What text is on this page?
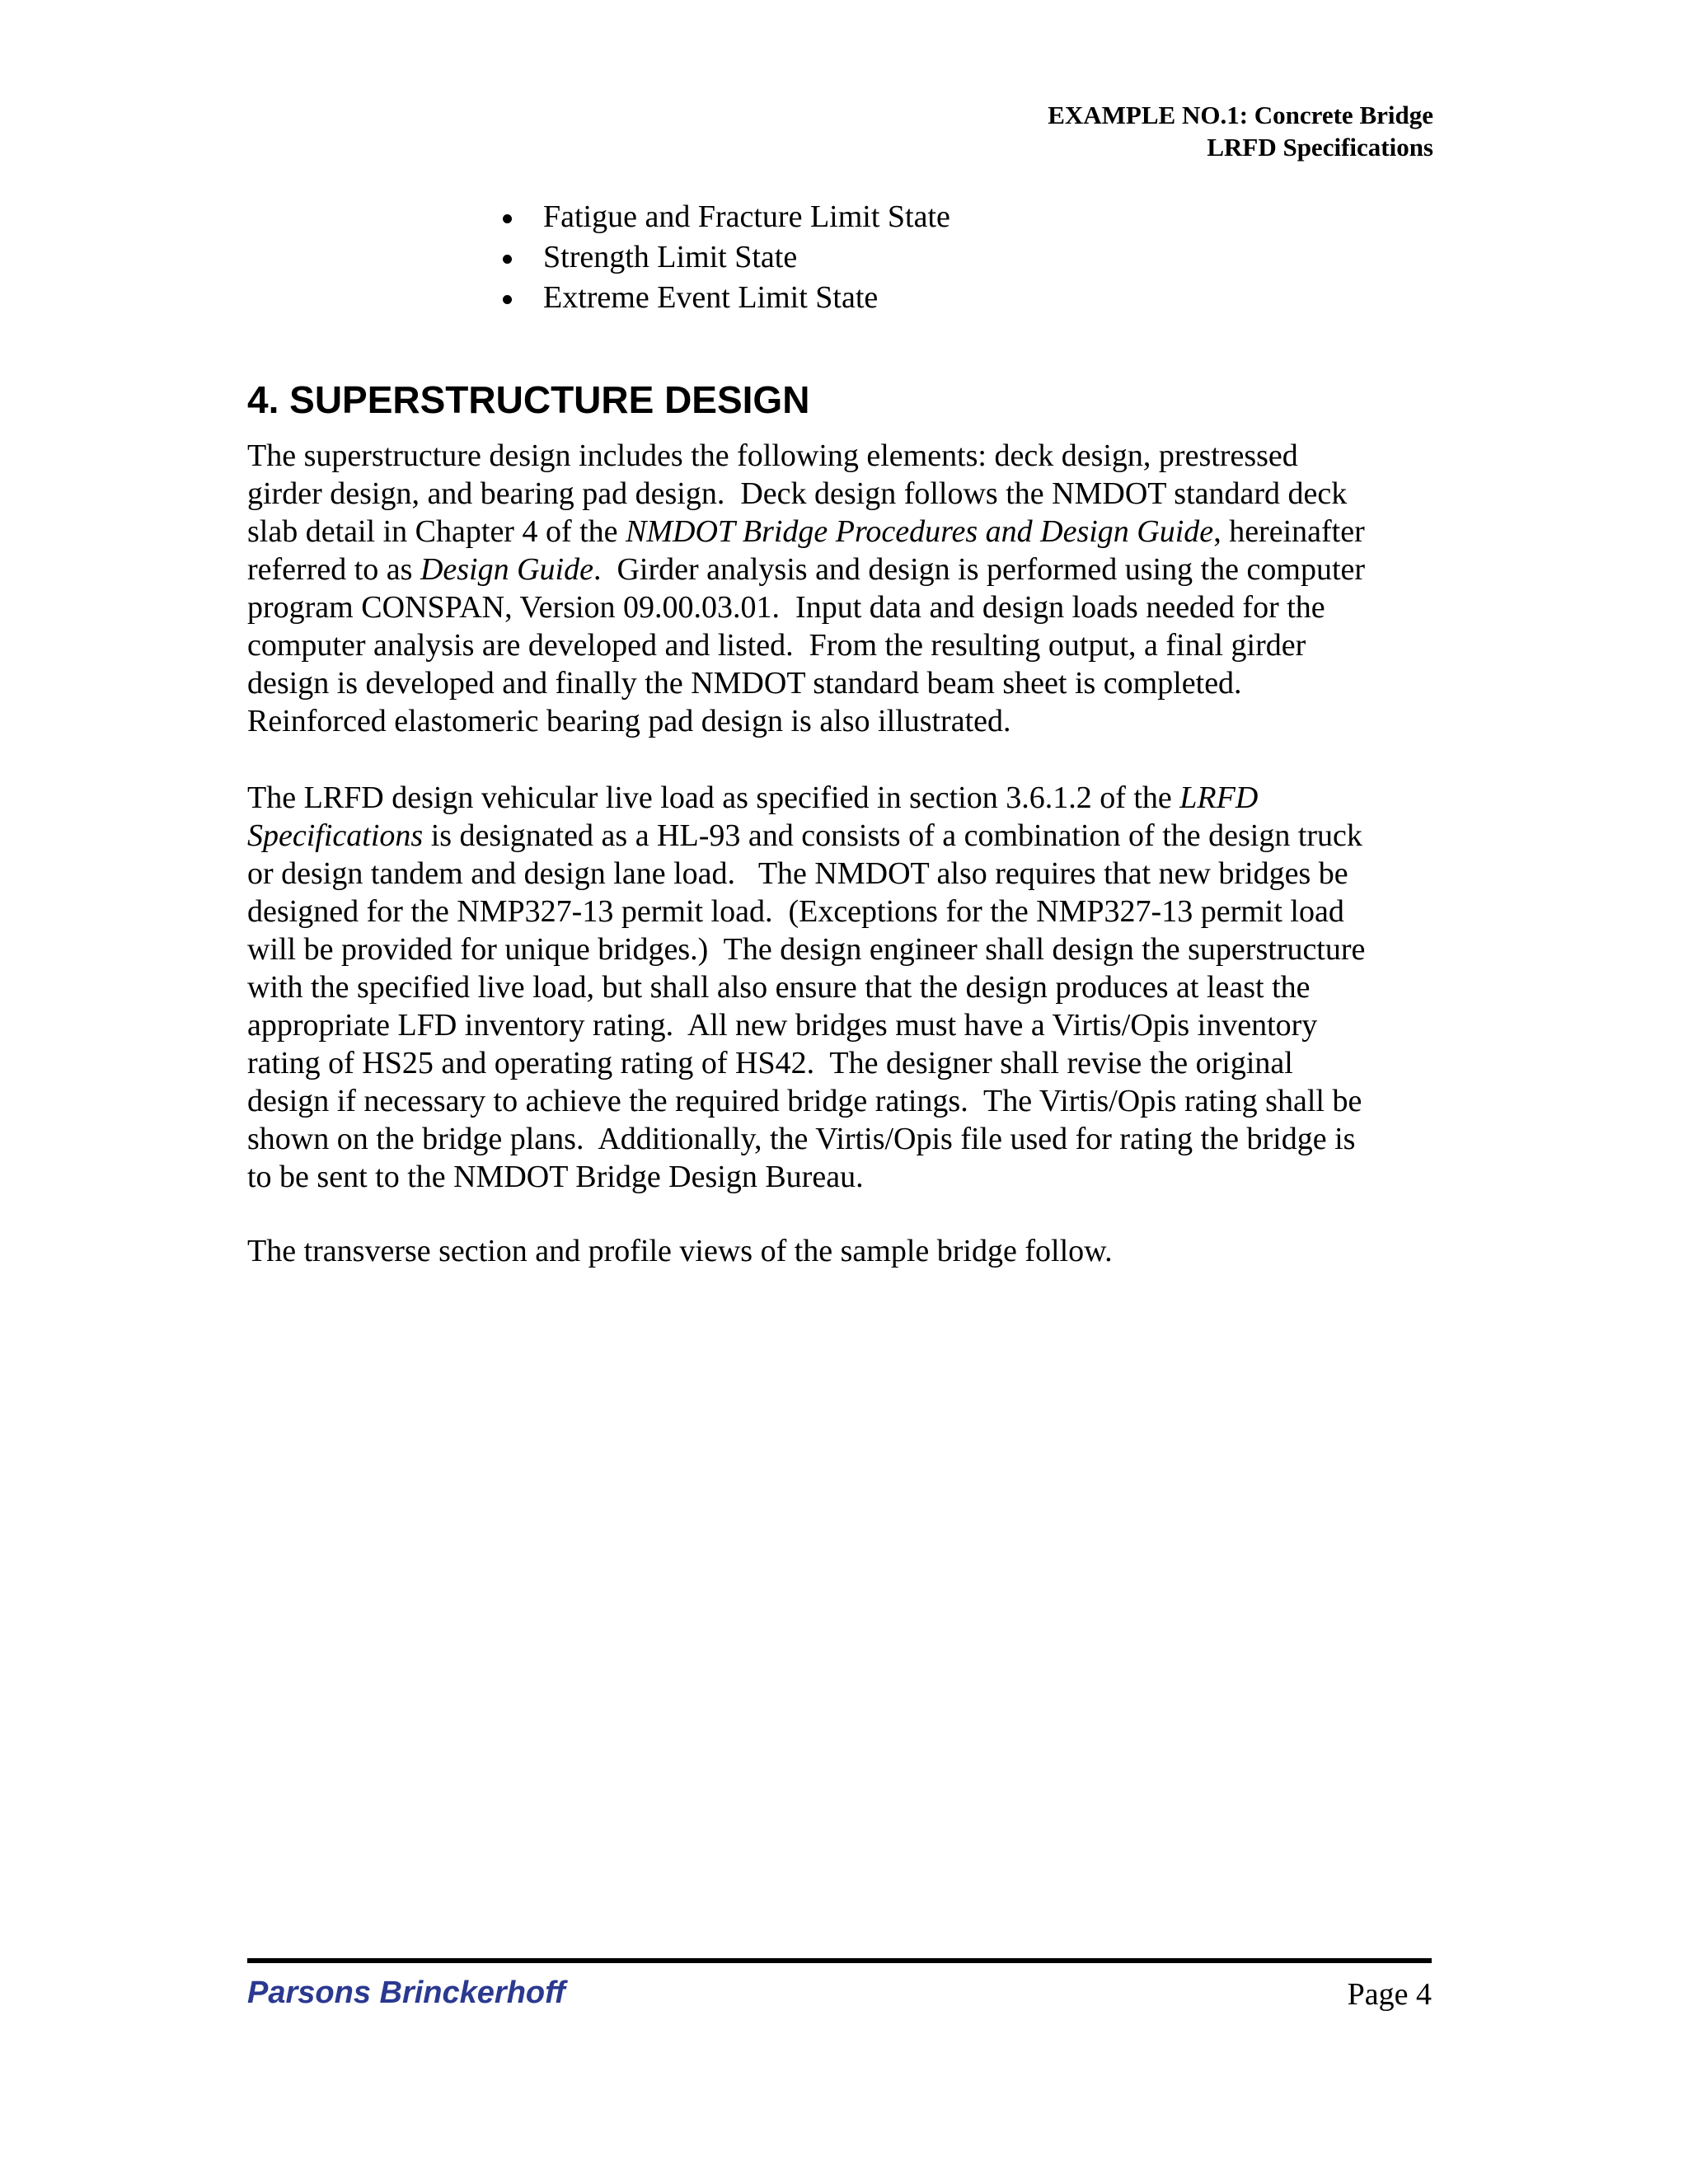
EXAMPLE NO.1: Concrete Bridge
LRFD Specifications
Fatigue and Fracture Limit State
Strength Limit State
Extreme Event Limit State
4. SUPERSTRUCTURE DESIGN
The superstructure design includes the following elements: deck design, prestressed
girder design, and bearing pad design.  Deck design follows the NMDOT standard deck
slab detail in Chapter 4 of the NMDOT Bridge Procedures and Design Guide, hereinafter
referred to as Design Guide.  Girder analysis and design is performed using the computer
program CONSPAN, Version 09.00.03.01.  Input data and design loads needed for the
computer analysis are developed and listed.  From the resulting output, a final girder
design is developed and finally the NMDOT standard beam sheet is completed.
Reinforced elastomeric bearing pad design is also illustrated.
The LRFD design vehicular live load as specified in section 3.6.1.2 of the LRFD
Specifications is designated as a HL-93 and consists of a combination of the design truck
or design tandem and design lane load.   The NMDOT also requires that new bridges be
designed for the NMP327-13 permit load.  (Exceptions for the NMP327-13 permit load
will be provided for unique bridges.)  The design engineer shall design the superstructure
with the specified live load, but shall also ensure that the design produces at least the
appropriate LFD inventory rating.  All new bridges must have a Virtis/Opis inventory
rating of HS25 and operating rating of HS42.  The designer shall revise the original
design if necessary to achieve the required bridge ratings.  The Virtis/Opis rating shall be
shown on the bridge plans.  Additionally, the Virtis/Opis file used for rating the bridge is
to be sent to the NMDOT Bridge Design Bureau.
The transverse section and profile views of the sample bridge follow.
Parsons Brinckerhoff	Page 4
